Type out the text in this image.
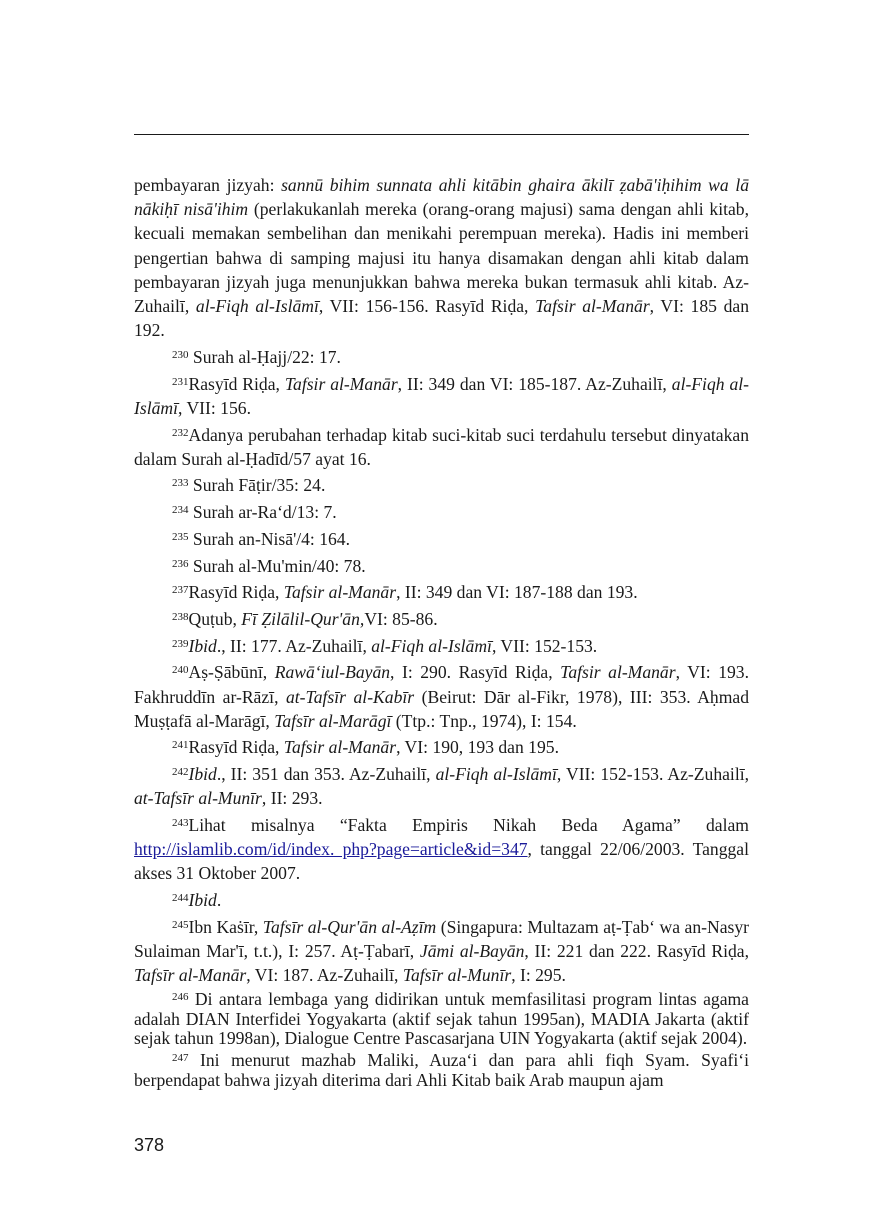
pembayaran jizyah: sannū bihim sunnata ahli kitābin ghaira ākilī ẓabā'iḥihim wa lā nākiḥī nisā'ihim (perlakukanlah mereka (orang-orang majusi) sama dengan ahli kitab, kecuali memakan sembelihan dan menikahi perempuan mereka). Hadis ini memberi pengertian bahwa di samping majusi itu hanya disamakan dengan ahli kitab dalam pembayaran jizyah juga menunjukkan bahwa mereka bukan termasuk ahli kitab. Az-Zuhailī, al-Fiqh al-Islāmī, VII: 156-156. Rasyīd Riḍa, Tafsir al-Manār, VI: 185 dan 192.

$^{230}$ Surah al-Ḥajj/22: 17.

$^{231}$Rasyīd Riḍa, Tafsir al-Manār, II: 349 dan VI: 185-187. Az-Zuhailī, al-Fiqh al-Islāmī, VII: 156.

$^{232}$Adanya perubahan terhadap kitab suci-kitab suci terdahulu tersebut dinyatakan dalam Surah al-Ḥadīd/57 ayat 16.

$^{233}$ Surah Fāṭir/35: 24.

$^{234}$ Surah ar-Ra‘d/13: 7.

$^{235}$ Surah an-Nisā'/4: 164.

$^{236}$ Surah al-Mu'min/40: 78.

$^{237}$Rasyīd Riḍa, Tafsir al-Manār, II: 349 dan VI: 187-188 dan 193.

$^{238}$Quṭub, Fī Ẓilālil-Qur'ān,VI: 85-86.

$^{239}$Ibid., II: 177. Az-Zuhailī, al-Fiqh al-Islāmī, VII: 152-153.

$^{240}$Aṣ-Ṣābūnī, Rawā‘iul-Bayān, I: 290. Rasyīd Riḍa, Tafsir al-Manār, VI: 193. Fakhruddīn ar-Rāzī, at-Tafsīr al-Kabīr (Beirut: Dār al-Fikr, 1978), III: 353. Aḥmad Muṣṭafā al-Marāgī, Tafsīr al-Marāgī (Ttp.: Tnp., 1974), I: 154.

$^{241}$Rasyīd Riḍa, Tafsir al-Manār, VI: 190, 193 dan 195.

$^{242}$Ibid., II: 351 dan 353. Az-Zuhailī, al-Fiqh al-Islāmī, VII: 152-153. Az-Zuhailī, at-Tafsīr al-Munīr, II: 293.

$^{243}$Lihat misalnya “Fakta Empiris Nikah Beda Agama” dalam http://islamlib.com/id/index. php?page=article&id=347, tanggal 22/06/2003. Tanggal akses 31 Oktober 2007.

$^{244}$Ibid.

$^{245}$Ibn Kaṡīr, Tafsīr al-Qur'ān al-Aẓīm (Singapura: Multazam aṭ-Ṭab‘ wa an-Nasyr Sulaiman Mar'ī, t.t.), I: 257. Aṭ-Ṭabarī, Jāmi al-Bayān, II: 221 dan 222. Rasyīd Riḍa, Tafsīr al-Manār, VI: 187. Az-Zuhailī, Tafsīr al-Munīr, I: 295.

$^{246}$ Di antara lembaga yang didirikan untuk memfasilitasi program lintas agama adalah DIAN Interfidei Yogyakarta (aktif sejak tahun 1995an), MADIA Jakarta (aktif sejak tahun 1998an), Dialogue Centre Pascasarjana UIN Yogyakarta (aktif sejak 2004).

$^{247}$ Ini menurut mazhab Maliki, Auza‘i dan para ahli fiqh Syam. Syafi‘i berpendapat bahwa jizyah diterima dari Ahli Kitab baik Arab maupun ajam

378
